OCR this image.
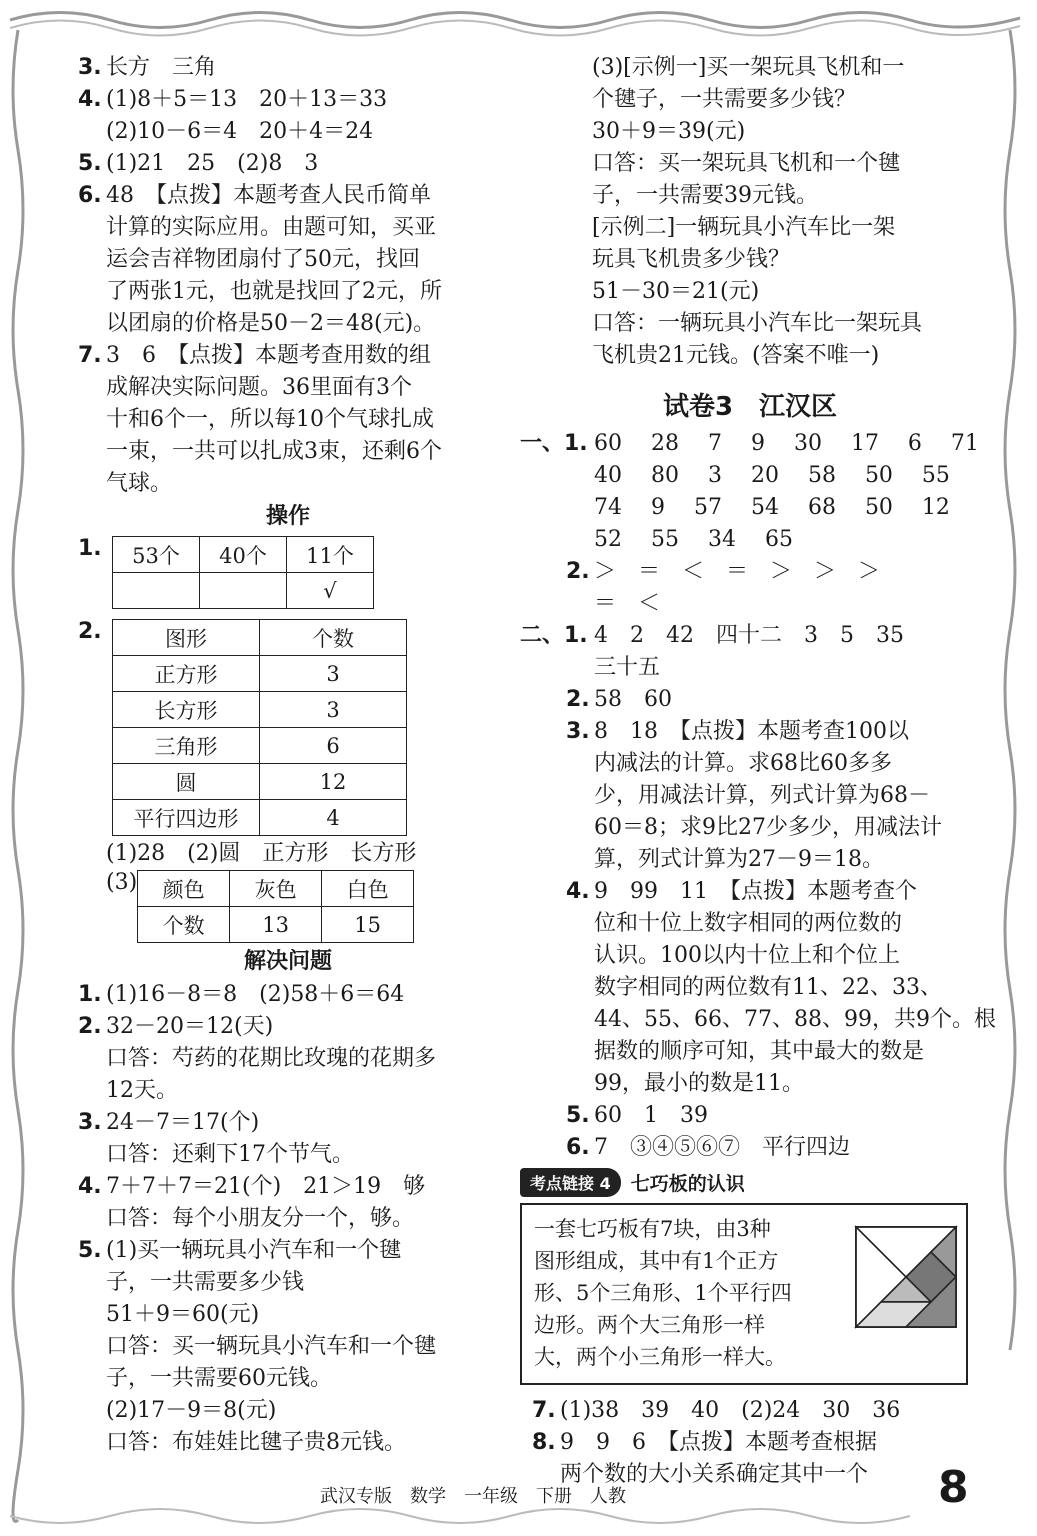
3. 长方　三角
4. (1)8＋5＝13　20＋13＝33
(2)10－6＝4　20＋4＝24
5. (1)21　25　(2)8　3
6. 48　【点拨】本题考查人民币简单
计算的实际应用。由题可知，买亚
运会吉祥物团扇付了50元，找回
了两张1元，也就是找回了2元，所
以团扇的价格是50－2＝48(元)。
7. 3　6　【点拨】本题考查用数的组
成解决实际问题。36里面有3个
十和6个一，所以每10个气球扎成
一束，一共可以扎成3束，还剩6个
气球。
操作
1. 53个	40个	11个
		√
2.	图形	个数
正方形	3
长方形	3
三角形	6
圆	12
平行四边形	4
(1)28　(2)圆　正方形　长方形
(3) 颜色	灰色	白色
个数	13	15
解决问题
1. (1)16－8＝8　(2)58＋6＝64
2. 32－20＝12(天)
口答：芍药的花期比玫瑰的花期多
12天。
3. 24－7＝17(个)
口答：还剩下17个节气。
4. 7＋7＋7＝21(个)　21＞19　够
口答：每个小朋友分一个，够。
5. (1)买一辆玩具小汽车和一个毽
子，一共需要多少钱
51＋9＝60(元)
口答：买一辆玩具小汽车和一个毽
子，一共需要60元钱。
(2)17－9＝8(元)
口答：布娃娃比毽子贵8元钱。
(3)[示例一]买一架玩具飞机和一
个毽子，一共需要多少钱？
30＋9＝39(元)
口答：买一架玩具飞机和一个毽
子，一共需要39元钱。
[示例二]一辆玩具小汽车比一架
玩具飞机贵多少钱？
51－30＝21(元)
口答：一辆玩具小汽车比一架玩具
飞机贵21元钱。(答案不唯一)
试卷3　江汉区
一、1. 60　 28　 7　 9　 30　 17　 6　 71
40　 80　 3　 20　 58　 50　 55
74　 9　 57　 54　 68　 50　 12
52　 55　 34　 65
2. ＞　＝　＜　＝　＞　＞　＞
＝　＜
二、1. 4　2　42　四十二　3　5　35
三十五
2. 58　60
3. 8　18　【点拨】本题考查100以
内减法的计算。求68比60多多
少，用减法计算，列式计算为68－
60＝8；求9比27少多少，用减法计
算，列式计算为27－9＝18。
4. 9　99　11　【点拨】本题考查个
位和十位上数字相同的两位数的
认识。100以内十位上和个位上
数字相同的两位数有11、22、33、
44、55、66、77、88、99，共9个。根
据数的顺序可知，其中最大的数是
99，最小的数是11。
5. 60　1　39
6. 7　③④⑤⑥⑦　平行四边
考点链接 4	七巧板的认识
一套七巧板有7块，由3种
图形组成，其中有1个正方
形、5个三角形、1个平行四
边形。两个大三角形一样
大，两个小三角形一样大。
7. (1)38　39　40　(2)24　30　36
8. 9　9　6　【点拨】本题考查根据
两个数的大小关系确定其中一个
武汉专版　数学　一年级　下册　人教	8
